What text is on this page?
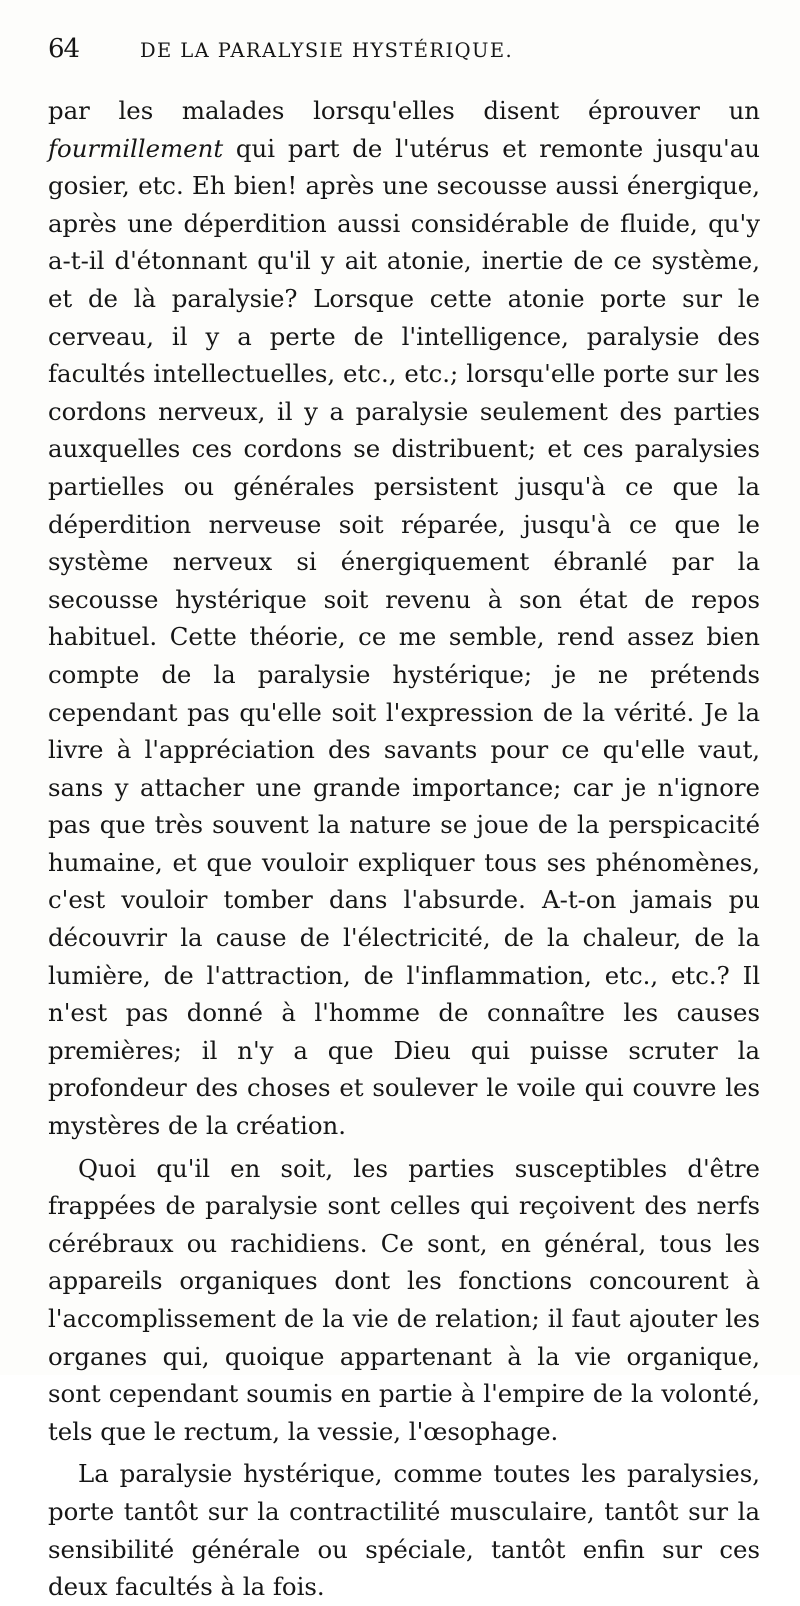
64	DE LA PARALYSIE HYSTÉRIQUE.

par les malades lorsqu'elles disent éprouver un fourmillement qui part de l'utérus et remonte jusqu'au gosier, etc. Eh bien! après une secousse aussi énergique, après une déperdition aussi considérable de fluide, qu'y a-t-il d'étonnant qu'il y ait atonie, inertie de ce système, et de là paralysie? Lorsque cette atonie porte sur le cerveau, il y a perte de l'intelligence, paralysie des facultés intellectuelles, etc., etc.; lorsqu'elle porte sur les cordons nerveux, il y a paralysie seulement des parties auxquelles ces cordons se distribuent; et ces paralysies partielles ou générales persistent jusqu'à ce que la déperdition nerveuse soit réparée, jusqu'à ce que le système nerveux si énergiquement ébranlé par la secousse hystérique soit revenu à son état de repos habituel. Cette théorie, ce me semble, rend assez bien compte de la paralysie hystérique; je ne prétends cependant pas qu'elle soit l'expression de la vérité. Je la livre à l'appréciation des savants pour ce qu'elle vaut, sans y attacher une grande importance; car je n'ignore pas que très souvent la nature se joue de la perspicacité humaine, et que vouloir expliquer tous ses phénomènes, c'est vouloir tomber dans l'absurde. A-t-on jamais pu découvrir la cause de l'électricité, de la chaleur, de la lumière, de l'attraction, de l'inflammation, etc., etc.? Il n'est pas donné à l'homme de connaître les causes premières; il n'y a que Dieu qui puisse scruter la profondeur des choses et soulever le voile qui couvre les mystères de la création.

Quoi qu'il en soit, les parties susceptibles d'être frappées de paralysie sont celles qui reçoivent des nerfs cérébraux ou rachidiens. Ce sont, en général, tous les appareils organiques dont les fonctions concourent à l'accomplissement de la vie de relation; il faut ajouter les organes qui, quoique appartenant à la vie organique, sont cependant soumis en partie à l'empire de la volonté, tels que le rectum, la vessie, l'œsophage.

La paralysie hystérique, comme toutes les paralysies, porte tantôt sur la contractilité musculaire, tantôt sur la sensibilité générale ou spéciale, tantôt enfin sur ces deux facultés à la fois.
